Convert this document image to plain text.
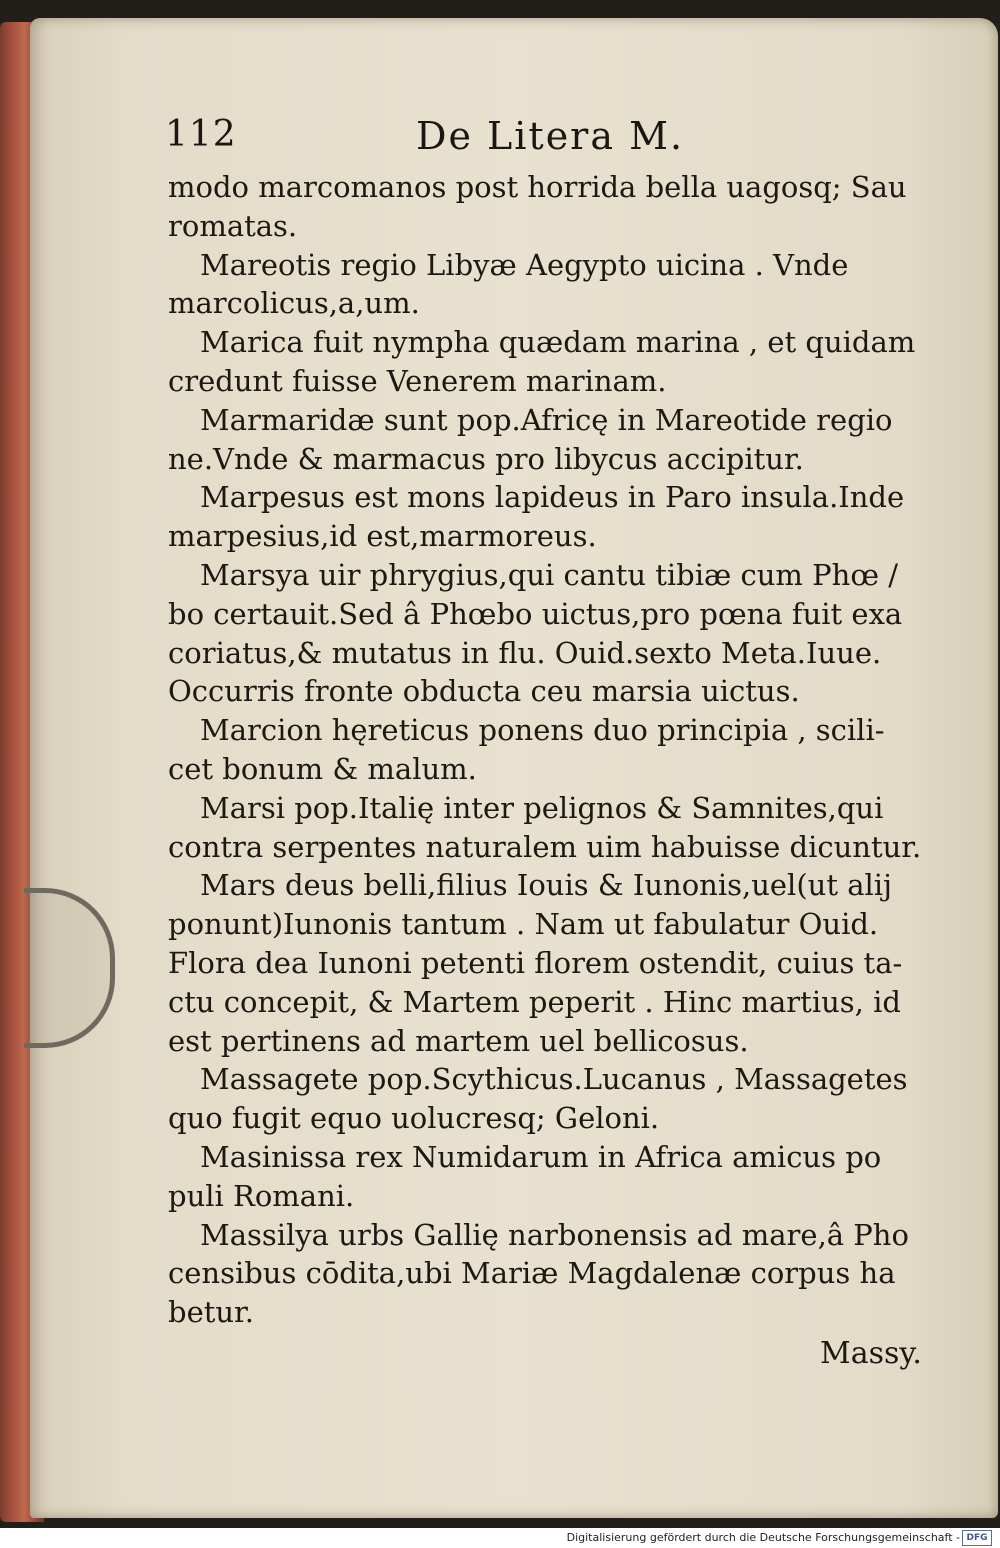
112	De Litera M.
modo marcomanos post horrida bella uagosq; Sau
romatas.
Mareotis regio Libyæ Aegypto uicina . Vnde
marcolicus,a,um.
Marica fuit nympha quædam marina , et quidam
credunt fuisse Venerem marinam.
Marmaridæ sunt pop.Africę in Mareotide regio
ne.Vnde & marmacus pro libycus accipitur.
Marpesus est mons lapideus in Paro insula.Inde
marpesius,id est,marmoreus.
Marsya uir phrygius,qui cantu tibiæ cum Phœ /
bo certauit.Sed â Phœbo uictus,pro pœna fuit exa
coriatus,& mutatus in flu. Ouid.sexto Meta.Iuue.
Occurris fronte obducta ceu marsia uictus.
Marcion hęreticus ponens duo principia , scili-
cet bonum & malum.
Marsi pop.Italię inter pelignos & Samnites,qui
contra serpentes naturalem uim habuisse dicuntur.
Mars deus belli,filius Iouis & Iunonis,uel(ut alij
ponunt)Iunonis tantum . Nam ut fabulatur Ouid.
Flora dea Iunoni petenti florem ostendit, cuius ta-
ctu concepit, & Martem peperit . Hinc martius, id
est pertinens ad martem uel bellicosus.
Massagete pop.Scythicus.Lucanus , Massagetes
quo fugit equo uolucresq; Geloni.
Masinissa rex Numidarum in Africa amicus po
puli Romani.
Massilya urbs Gallię narbonensis ad mare,â Pho
censibus cōdita,ubi Mariæ Magdalenæ corpus ha
betur.
Massy.
Digitalisierung gefördert durch die Deutsche Forschungsgemeinschaft - DFG
